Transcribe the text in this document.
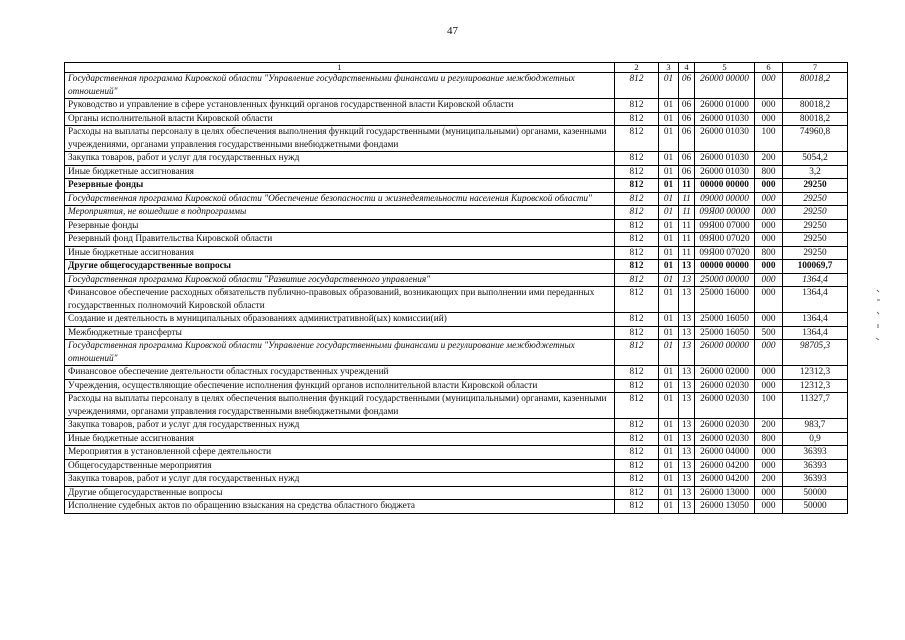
47
1	2	3	4	5	6	7
Государственная программа Кировской области "Управление государственными финансами и регулирование межбюджетных отношений"	812	01	06	26000 00000	000	80018,2
Руководство и управление в сфере установленных функций органов государственной власти Кировской области	812	01	06	26000 01000	000	80018,2
Органы исполнительной власти Кировской области	812	01	06	26000 01030	000	80018,2
Расходы на выплаты персоналу в целях обеспечения выполнения функций государственными (муниципальными) органами, казенными учреждениями, органами управления государственными внебюджетными фондами	812	01	06	26000 01030	100	74960,8
Закупка товаров, работ и услуг для государственных нужд	812	01	06	26000 01030	200	5054,2
Иные бюджетные ассигнования	812	01	06	26000 01030	800	3,2
Резервные фонды	812	01	11	00000 00000	000	29250
Государственная программа Кировской области "Обеспечение безопасности и жизнедеятельности населения Кировской области"	812	01	11	09000 00000	000	29250
Мероприятия, не вошедшие в подпрограммы	812	01	11	09Я00 00000	000	29250
Резервные фонды	812	01	11	09Я00 07000	000	29250
Резервный фонд Правительства Кировской области	812	01	11	09Я00 07020	000	29250
Иные бюджетные ассигнования	812	01	11	09Я00 07020	800	29250
Другие общегосударственные вопросы	812	01	13	00000 00000	000	100069,7
Государственная программа Кировской области "Развитие государственного управления"	812	01	13	25000 00000	000	1364,4
Финансовое обеспечение расходных обязательств публично-правовых образований, возникающих при выполнении ими переданных государственных полномочий Кировской области	812	01	13	25000 16000	000	1364,4
Создание и деятельность в муниципальных образованиях административной(ых) комиссии(ий)	812	01	13	25000 16050	000	1364,4
Межбюджетные трансферты	812	01	13	25000 16050	500	1364,4
Государственная программа Кировской области "Управление государственными финансами и регулирование межбюджетных отношений"	812	01	13	26000 00000	000	98705,3
Финансовое обеспечение деятельности областных государственных учреждений	812	01	13	26000 02000	000	12312,3
Учреждения, осуществляющие обеспечение исполнения функций органов исполнительной власти Кировской области	812	01	13	26000 02030	000	12312,3
Расходы на выплаты персоналу в целях обеспечения выполнения функций государственными (муниципальными) органами, казенными учреждениями, органами управления государственными внебюджетными фондами	812	01	13	26000 02030	100	11327,7
Закупка товаров, работ и услуг для государственных нужд	812	01	13	26000 02030	200	983,7
Иные бюджетные ассигнования	812	01	13	26000 02030	800	0,9
Мероприятия в установленной сфере деятельности	812	01	13	26000 04000	000	36393
Общегосударственные мероприятия	812	01	13	26000 04200	000	36393
Закупка товаров, работ и услуг для государственных нужд	812	01	13	26000 04200	200	36393
Другие общегосударственные вопросы	812	01	13	26000 13000	000	50000
Исполнение судебных актов по обращению взыскания на средства областного бюджета	812	01	13	26000 13050	000	50000
